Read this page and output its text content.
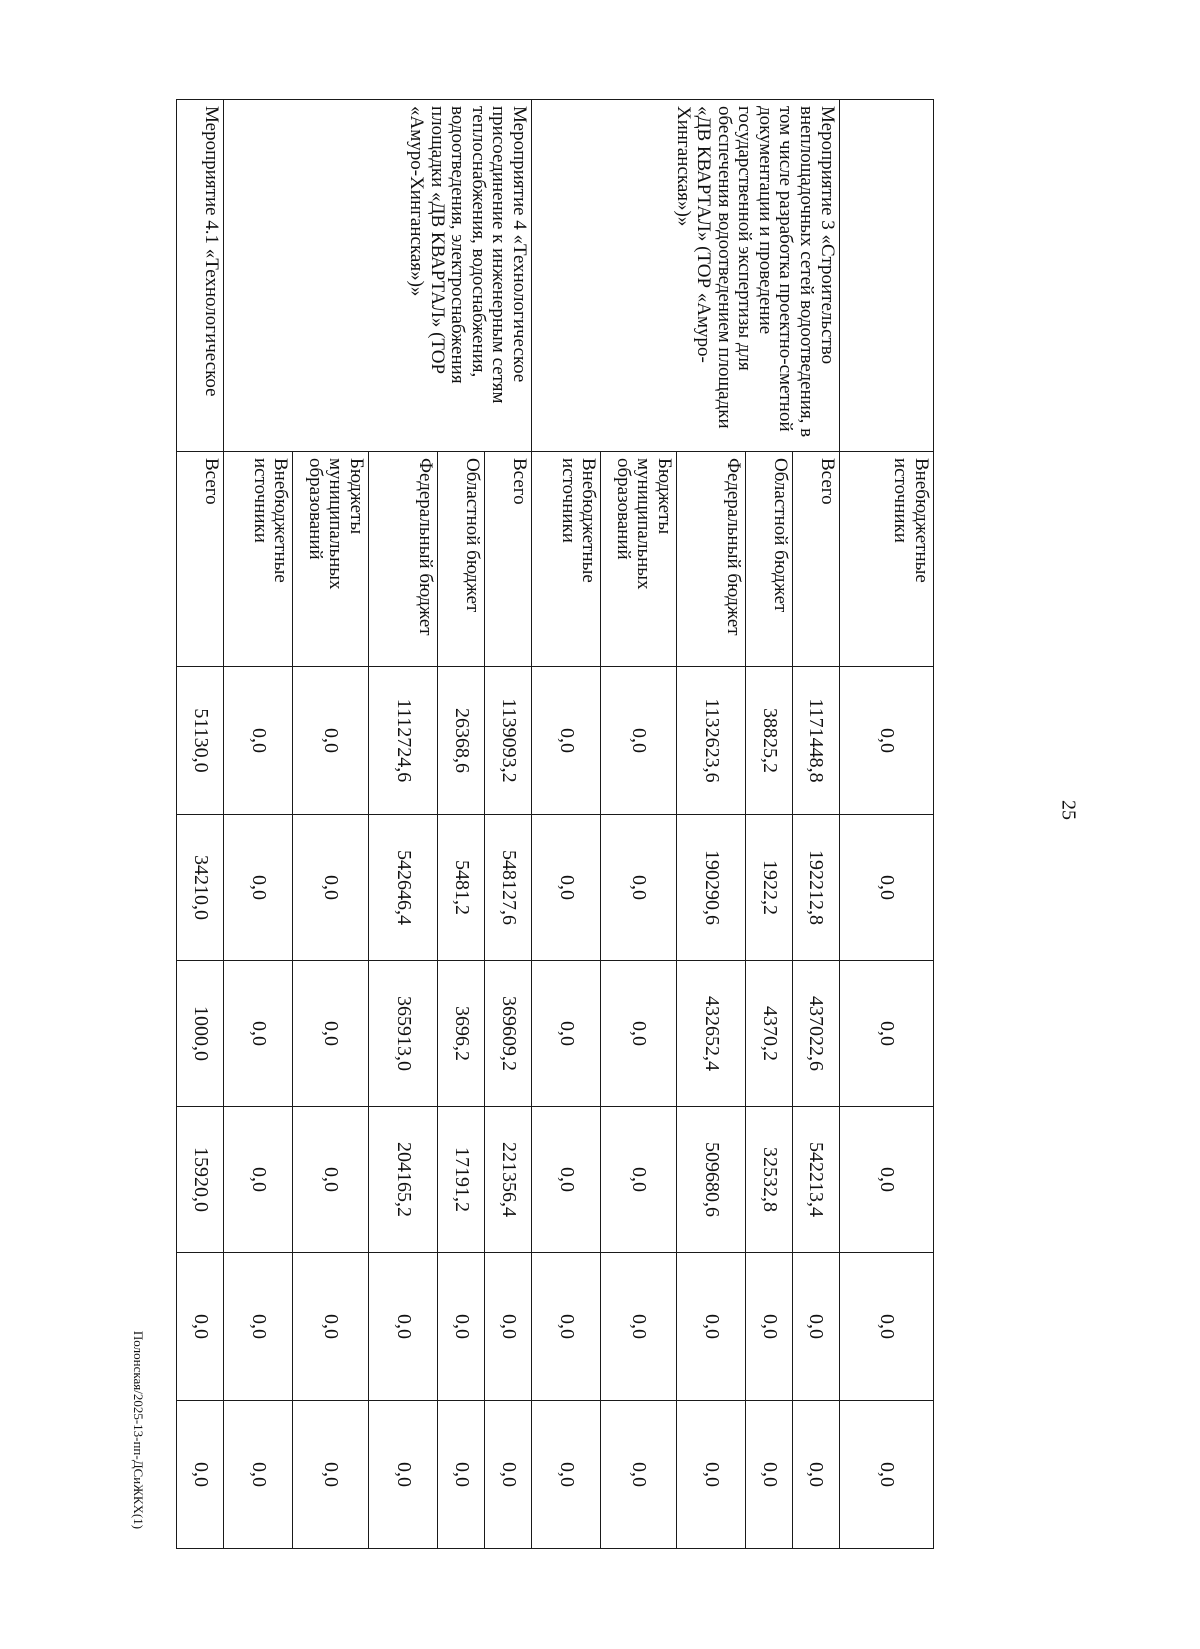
25
Полонская/2025-13-пп-ДСиЖКХ(1)
	Внебюджетные источники	0,0	0,0	0,0	0,0	0,0	0,0
Мероприятие 3 «Строительство внеплощадочных сетей водоотведения, в том числе разработка проектно-сметной документации и проведение государственной экспертизы для обеспечения водоотведением площадки «ДВ КВАРТАЛ» (ТОР «Амуро-Хинганская»)»	Всего	1171448,8	192212,8	437022,6	542213,4	0,0	0,0
	Областной бюджет	38825,2	1922,2	4370,2	32532,8	0,0	0,0
	Федеральный бюджет	1132623,6	190290,6	432652,4	509680,6	0,0	0,0
	Бюджеты муниципальных образований	0,0	0,0	0,0	0,0	0,0	0,0
	Внебюджетные источники	0,0	0,0	0,0	0,0	0,0	0,0
Мероприятие 4 «Технологическое присоединение к инженерным сетям теплоснабжения, водоснабжения, водоотведения, электроснабжения площадки «ДВ КВАРТАЛ» (ТОР «Амуро-Хинганская»)»	Всего	1139093,2	548127,6	369609,2	221356,4	0,0	0,0
	Областной бюджет	26368,6	5481,2	3696,2	17191,2	0,0	0,0
	Федеральный бюджет	1112724,6	542646,4	365913,0	204165,2	0,0	0,0
	Бюджеты муниципальных образований	0,0	0,0	0,0	0,0	0,0	0,0
	Внебюджетные источники	0,0	0,0	0,0	0,0	0,0	0,0
Мероприятие 4.1 «Технологическое	Всего	51130,0	34210,0	1000,0	15920,0	0,0	0,0
